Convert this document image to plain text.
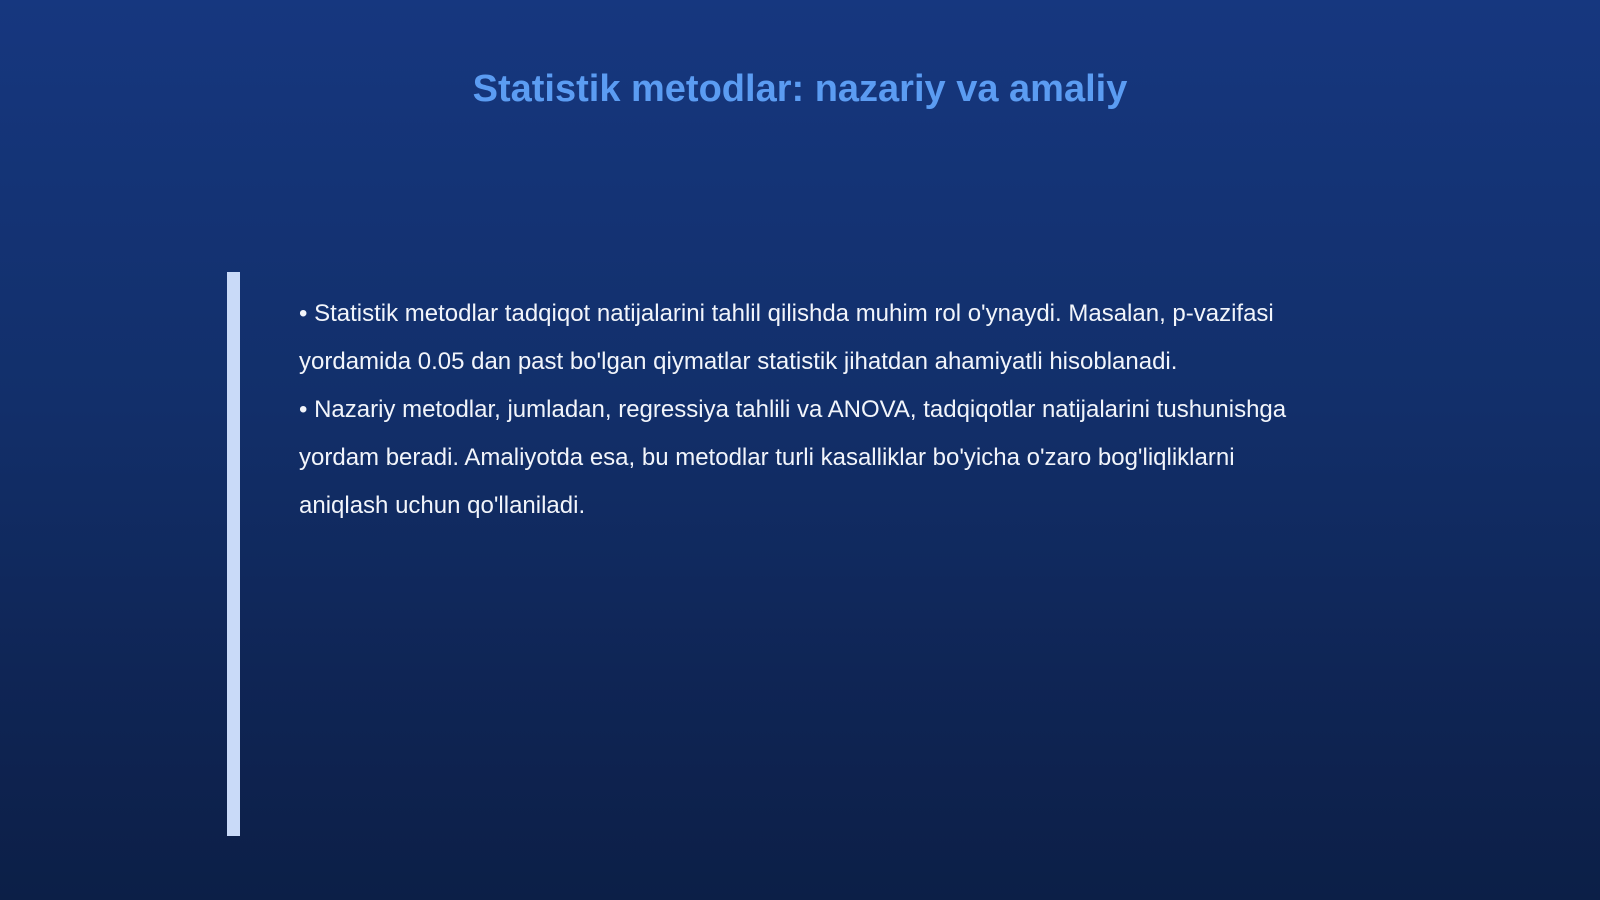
Statistik metodlar: nazariy va amaliy

• Statistik metodlar tadqiqot natijalarini tahlil qilishda muhim rol o'ynaydi. Masalan, p-vazifasi yordamida 0.05 dan past bo'lgan qiymatlar statistik jihatdan ahamiyatli hisoblanadi.

• Nazariy metodlar, jumladan, regressiya tahlili va ANOVA, tadqiqotlar natijalarini tushunishga yordam beradi. Amaliyotda esa, bu metodlar turli kasalliklar bo'yicha o'zaro bog'liqliklarni aniqlash uchun qo'llaniladi.
